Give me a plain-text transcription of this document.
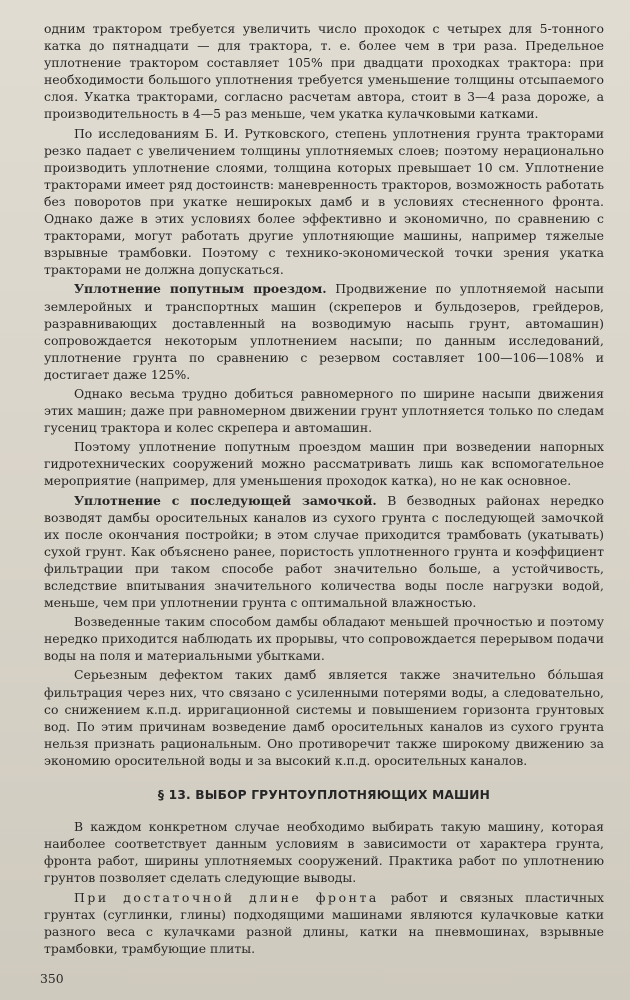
одним трактором требуется увеличить число проходок с четырех для 5-тонного катка до пятнадцати — для трактора, т. е. более чем в три раза. Предельное уплотнение трактором составляет 105% при двадцати проходках трактора: при необходимости большого уплотнения требуется уменьшение толщины отсыпаемого слоя. Укатка тракторами, согласно расчетам автора, стоит в 3—4 раза дороже, а производительность в 4—5 раз меньше, чем укатка кулачковыми катками.

По исследованиям Б. И. Рутковского, степень уплотнения грунта тракторами резко падает с увеличением толщины уплотняемых слоев; поэтому нерационально производить уплотнение слоями, толщина которых превышает 10 см. Уплотнение тракторами имеет ряд достоинств: маневренность тракторов, возможность работать без поворотов при укатке неширокых дамб и в условиях стесненного фронта. Однако даже в этих условиях более эффективно и экономично, по сравнению с тракторами, могут работать другие уплотняющие машины, например тяжелые взрывные трамбовки. Поэтому с технико-экономической точки зрения укатка тракторами не должна допускаться.

Уплотнение попутным проездом. Продвижение по уплотняемой насыпи землеройных и транспортных машин (скреперов и бульдозеров, грейдеров, разравнивающих доставленный на возводимую насыпь грунт, автомашин) сопровождается некоторым уплотнением насыпи; по данным исследований, уплотнение грунта по сравнению с резервом составляет 100—106—108% и достигает даже 125%.

Однако весьма трудно добиться равномерного по ширине насыпи движения этих машин; даже при равномерном движении грунт уплотняется только по следам гусениц трактора и колес скрепера и автомашин.

Поэтому уплотнение попутным проездом машин при возведении напорных гидротехнических сооружений можно рассматривать лишь как вспомогательное мероприятие (например, для уменьшения проходок катка), но не как основное.

Уплотнение с последующей замочкой. В безводных районах нередко возводят дамбы оросительных каналов из сухого грунта с последующей замочкой их после окончания постройки; в этом случае приходится трамбовать (укатывать) сухой грунт. Как объяснено ранее, пористость уплотненного грунта и коэффициент фильтрации при таком способе работ значительно больше, а устойчивость, вследствие впитывания значительного количества воды после нагрузки водой, меньше, чем при уплотнении грунта с оптимальной влажностью.

Возведенные таким способом дамбы обладают меньшей прочностью и поэтому нередко приходится наблюдать их прорывы, что сопровождается перерывом подачи воды на поля и материальными убытками.

Серьезным дефектом таких дамб является также значительно бо́льшая фильтрация через них, что связано с усиленными потерями воды, а следовательно, со снижением к.п.д. ирригационной системы и повышением горизонта грунтовых вод. По этим причинам возведение дамб оросительных каналов из сухого грунта нельзя признать рациональным. Оно противоречит также широкому движению за экономию оросительной воды и за высокий к.п.д. оросительных каналов.

§ 13. ВЫБОР ГРУНТОУПЛОТНЯЮЩИХ МАШИН

В каждом конкретном случае необходимо выбирать такую машину, которая наиболее соответствует данным условиям в зависимости от характера грунта, фронта работ, ширины уплотняемых сооружений. Практика работ по уплотнению грунтов позволяет сделать следующие выводы.

При достаточной длине фронта работ и связных пластичных грунтах (суглинки, глины) подходящими машинами являются кулачковые катки разного веса с кулачками разной длины, катки на пневмошинах, взрывные трамбовки, трамбующие плиты.

350
